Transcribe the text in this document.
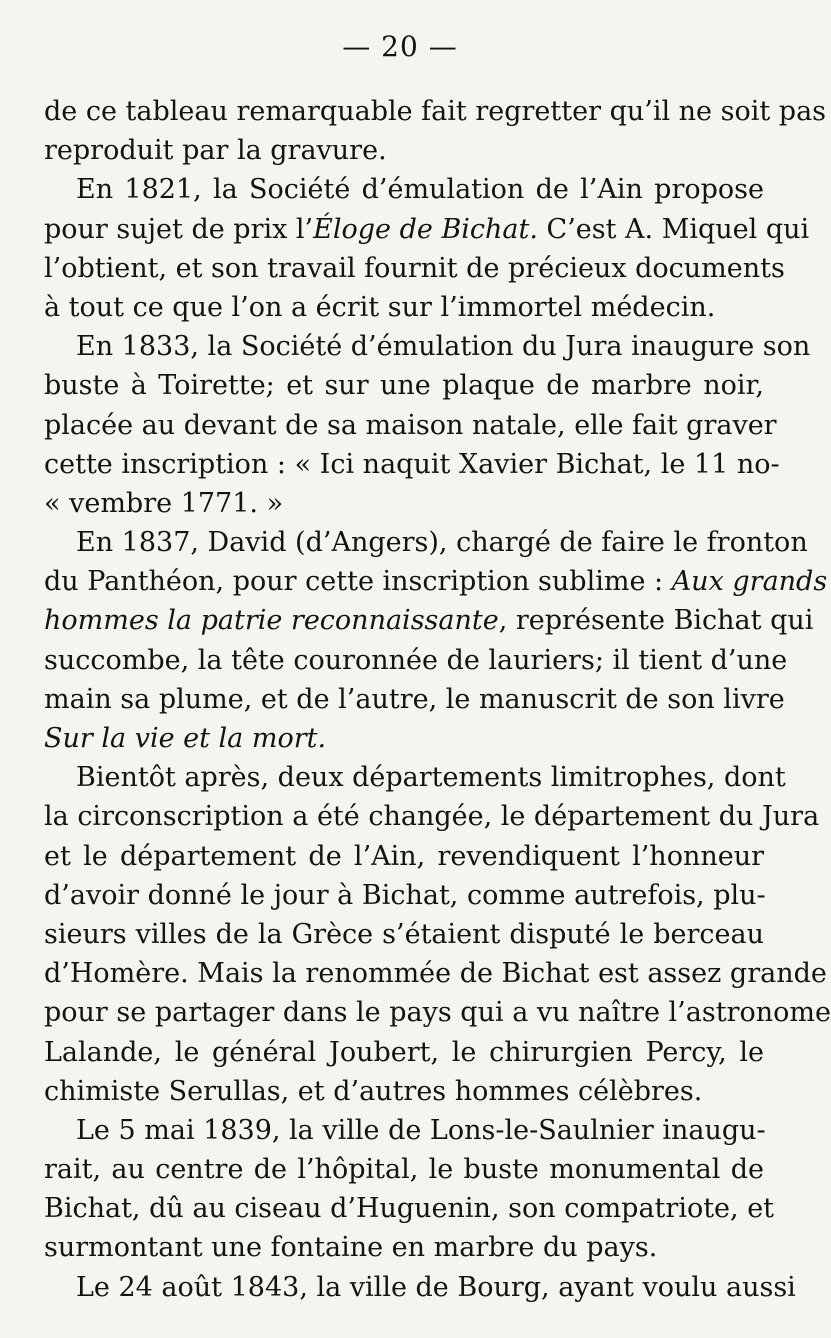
— 20 —
de ce tableau remarquable fait regretter qu’il ne soit pas
reproduit par la gravure.
En 1821, la Société d’émulation de l’Ain propose
pour sujet de prix l’Éloge de Bichat. C’est A. Miquel qui
l’obtient, et son travail fournit de précieux documents
à tout ce que l’on a écrit sur l’immortel médecin.
En 1833, la Société d’émulation du Jura inaugure son
buste à Toirette; et sur une plaque de marbre noir,
placée au devant de sa maison natale, elle fait graver
cette inscription : « Ici naquit Xavier Bichat, le 11 no-
« vembre 1771. »
En 1837, David (d’Angers), chargé de faire le fronton
du Panthéon, pour cette inscription sublime : Aux grands
hommes la patrie reconnaissante, représente Bichat qui
succombe, la tête couronnée de lauriers; il tient d’une
main sa plume, et de l’autre, le manuscrit de son livre
Sur la vie et la mort.
Bientôt après, deux départements limitrophes, dont
la circonscription a été changée, le département du Jura
et le département de l’Ain, revendiquent l’honneur
d’avoir donné le jour à Bichat, comme autrefois, plu-
sieurs villes de la Grèce s’étaient disputé le berceau
d’Homère. Mais la renommée de Bichat est assez grande
pour se partager dans le pays qui a vu naître l’astronome
Lalande, le général Joubert, le chirurgien Percy, le
chimiste Serullas, et d’autres hommes célèbres.
Le 5 mai 1839, la ville de Lons-le-Saulnier inaugu-
rait, au centre de l’hôpital, le buste monumental de
Bichat, dû au ciseau d’Huguenin, son compatriote, et
surmontant une fontaine en marbre du pays.
Le 24 août 1843, la ville de Bourg, ayant voulu aussi
